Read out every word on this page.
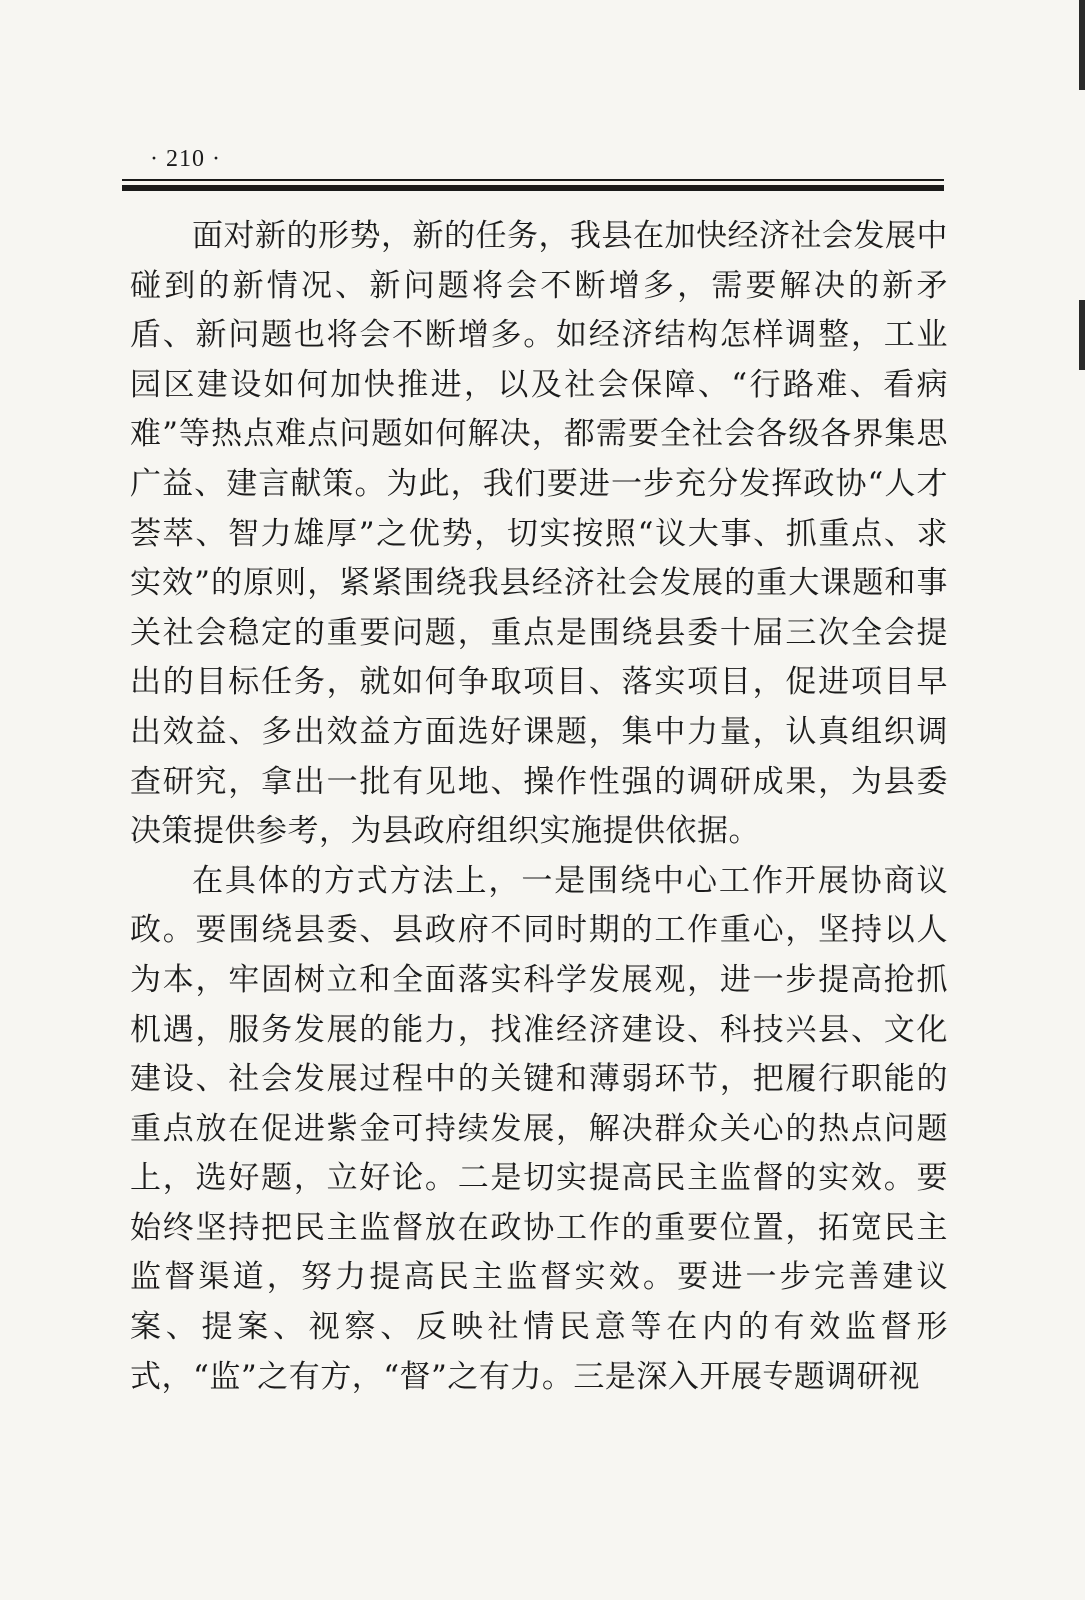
· 210 ·

面对新的形势，新的任务，我县在加快经济社会发展中碰到的新情况、新问题将会不断增多，需要解决的新矛盾、新问题也将会不断增多。如经济结构怎样调整，工业园区建设如何加快推进，以及社会保障、“行路难、看病难”等热点难点问题如何解决，都需要全社会各级各界集思广益、建言献策。为此，我们要进一步充分发挥政协“人才荟萃、智力雄厚”之优势，切实按照“议大事、抓重点、求实效”的原则，紧紧围绕我县经济社会发展的重大课题和事关社会稳定的重要问题，重点是围绕县委十届三次全会提出的目标任务，就如何争取项目、落实项目，促进项目早出效益、多出效益方面选好课题，集中力量，认真组织调查研究，拿出一批有见地、操作性强的调研成果，为县委决策提供参考，为县政府组织实施提供依据。

在具体的方式方法上，一是围绕中心工作开展协商议政。要围绕县委、县政府不同时期的工作重心，坚持以人为本，牢固树立和全面落实科学发展观，进一步提高抢抓机遇，服务发展的能力，找准经济建设、科技兴县、文化建设、社会发展过程中的关键和薄弱环节，把履行职能的重点放在促进紫金可持续发展，解决群众关心的热点问题上，选好题，立好论。二是切实提高民主监督的实效。要始终坚持把民主监督放在政协工作的重要位置，拓宽民主监督渠道，努力提高民主监督实效。要进一步完善建议案、提案、视察、反映社情民意等在内的有效监督形式，“监”之有方，“督”之有力。三是深入开展专题调研视
